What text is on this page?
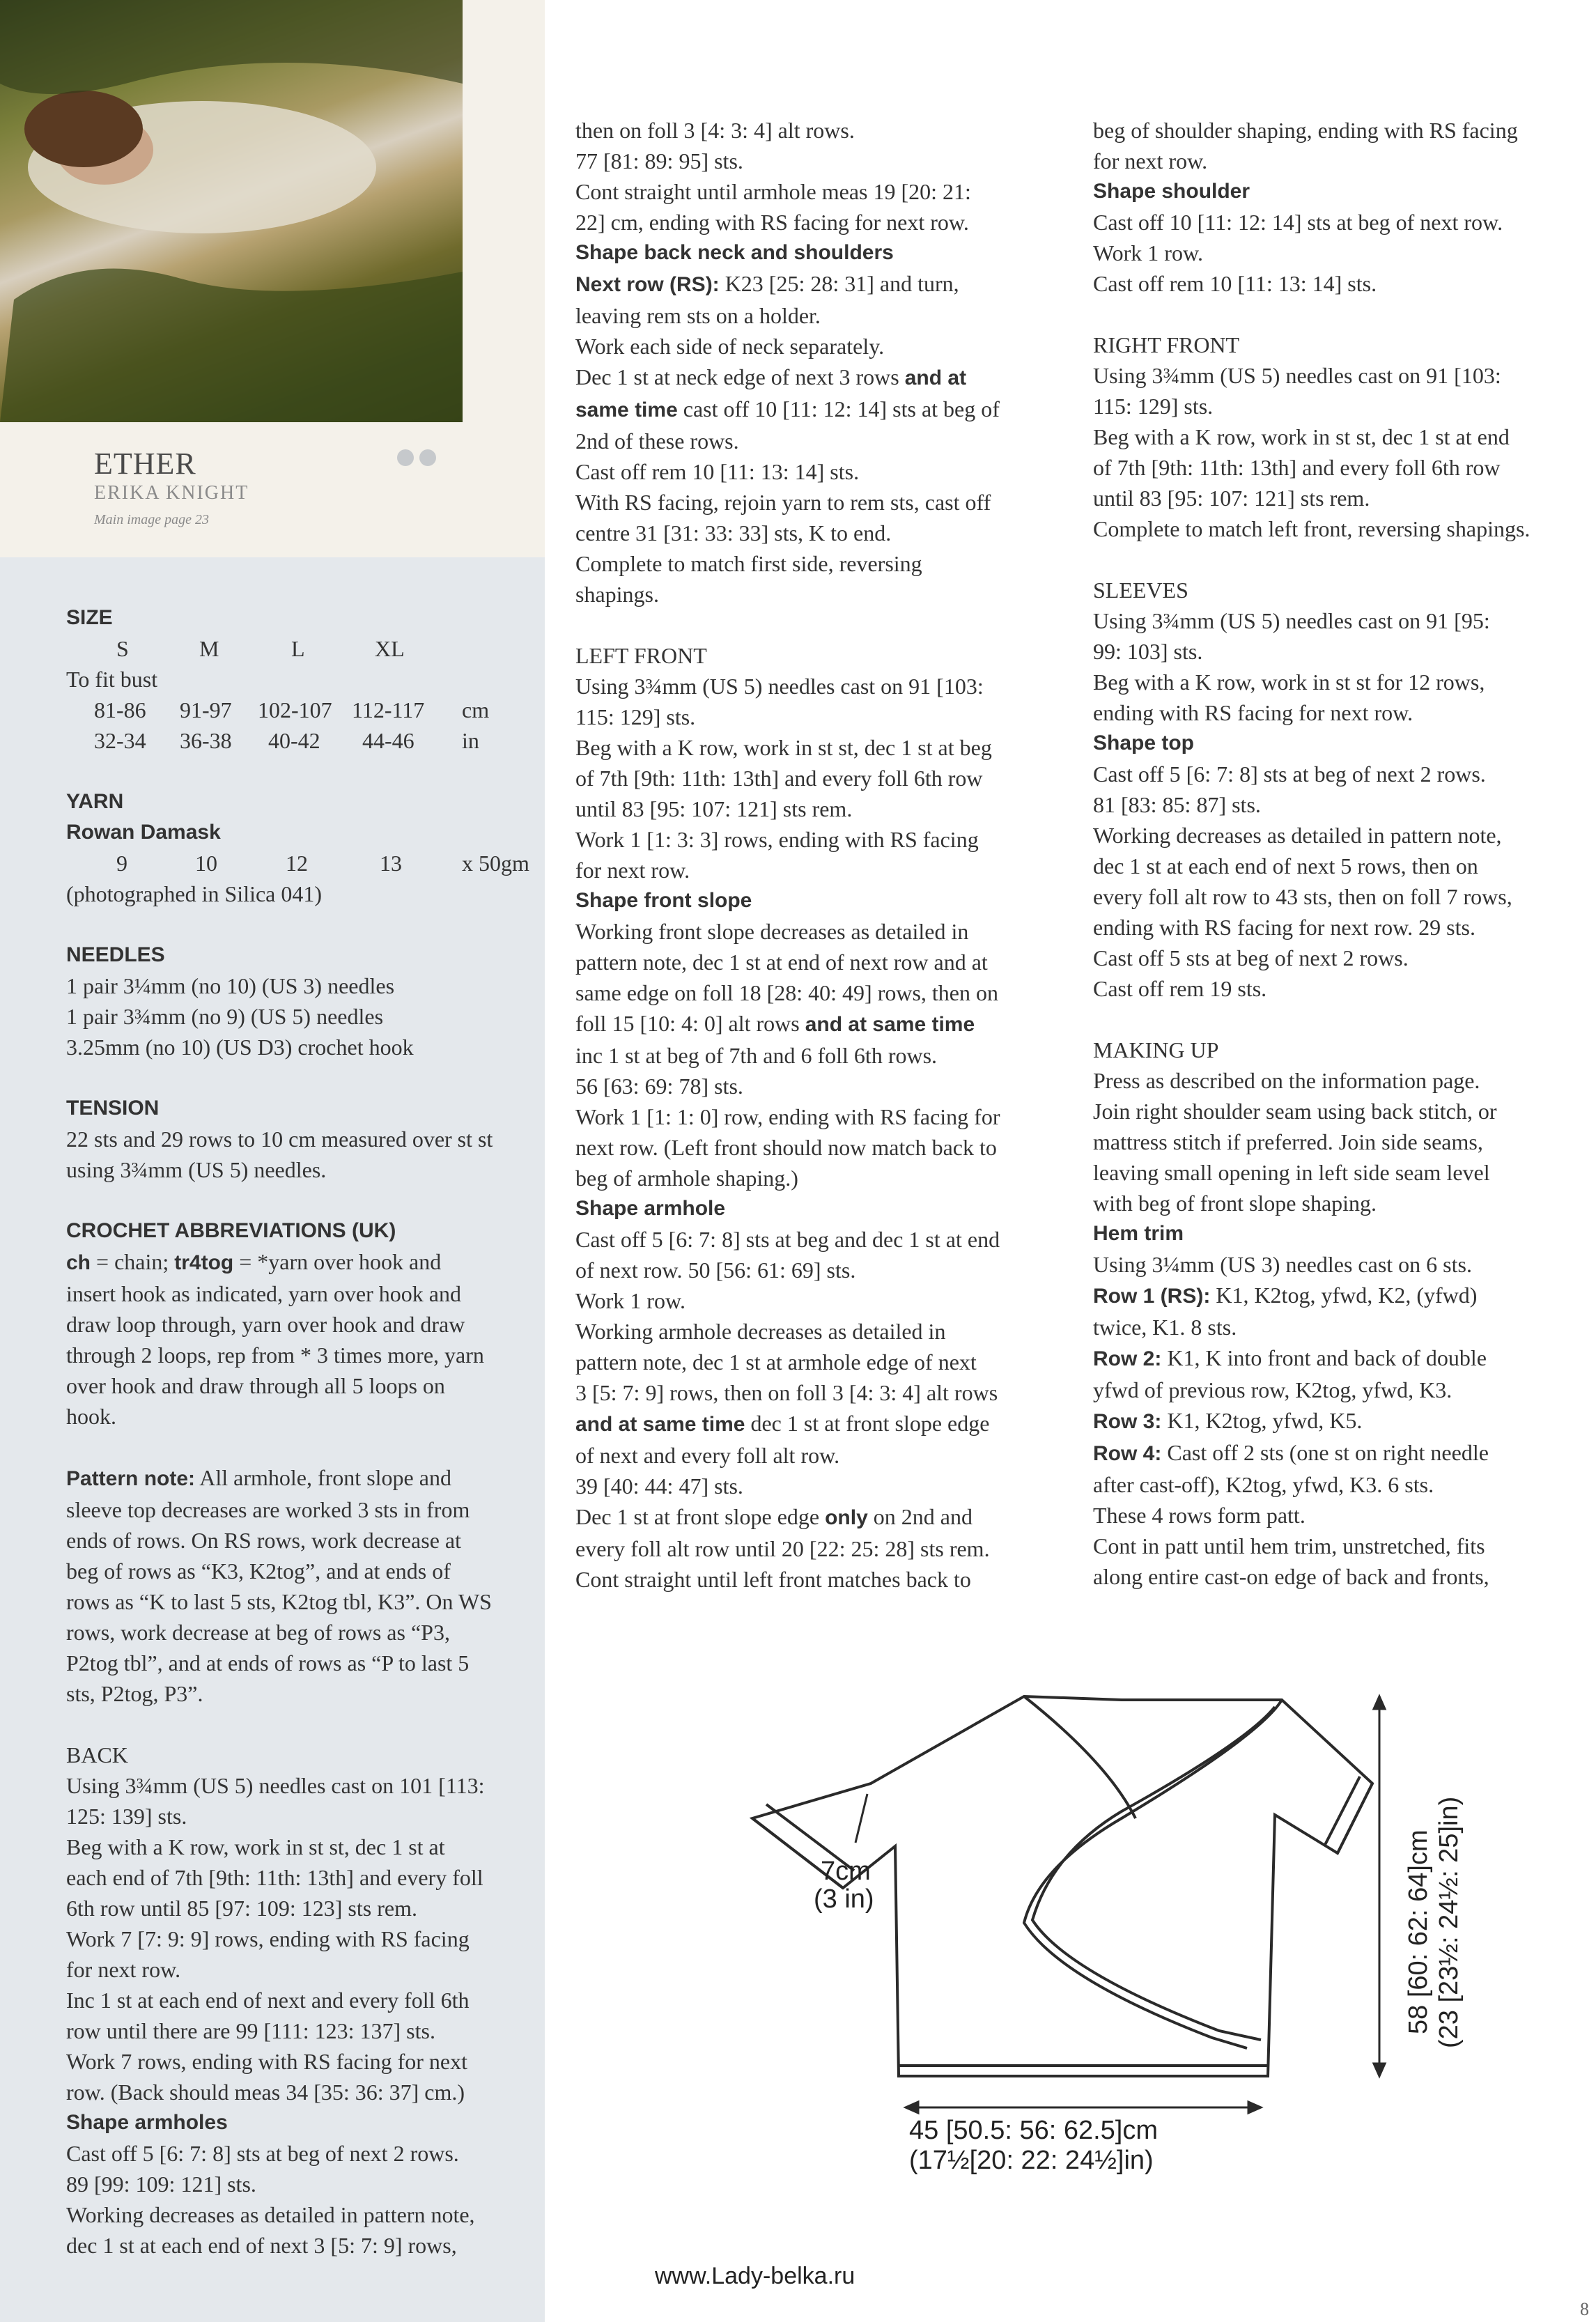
ETHER

ERIKA KNIGHT

Main image page 23

SIZE

S	M	L	XL

To fit bust

81-86 91-97 102-107 112-117 cm
32-34 36-38 40-42 44-46 in

YARN

Rowan Damask

9	10	12	13	x 50gm

(photographed in Silica 041)

NEEDLES

1 pair 3¼mm (no 10) (US 3) needles

1 pair 3¾mm (no 9) (US 5) needles

3.25mm (no 10) (US D3) crochet hook

TENSION

22 sts and 29 rows to 10 cm measured over st st

using 3¾mm (US 5) needles.

CROCHET ABBREVIATIONS (UK)

ch = chain; tr4tog = *yarn over hook and

insert hook as indicated, yarn over hook and

draw loop through, yarn over hook and draw

through 2 loops, rep from * 3 times more, yarn

over hook and draw through all 5 loops on

hook.

Pattern note: All armhole, front slope and

sleeve top decreases are worked 3 sts in from

ends of rows. On RS rows, work decrease at

beg of rows as “K3, K2tog”, and at ends of

rows as “K to last 5 sts, K2tog tbl, K3”. On WS

rows, work decrease at beg of rows as “P3,

P2tog tbl”, and at ends of rows as “P to last 5

sts, P2tog, P3”.

BACK

Using 3¾mm (US 5) needles cast on 101 [113:

125: 139] sts.

Beg with a K row, work in st st, dec 1 st at

each end of 7th [9th: 11th: 13th] and every foll

6th row until 85 [97: 109: 123] sts rem.

Work 7 [7: 9: 9] rows, ending with RS facing

for next row.

Inc 1 st at each end of next and every foll 6th

row until there are 99 [111: 123: 137] sts.

Work 7 rows, ending with RS facing for next

row. (Back should meas 34 [35: 36: 37] cm.)

Shape armholes

Cast off 5 [6: 7: 8] sts at beg of next 2 rows.

89 [99: 109: 121] sts.

Working decreases as detailed in pattern note,

dec 1 st at each end of next 3 [5: 7: 9] rows,

then on foll 3 [4: 3: 4] alt rows.

77 [81: 89: 95] sts.

Cont straight until armhole meas 19 [20: 21:

22] cm, ending with RS facing for next row.

Shape back neck and shoulders

Next row (RS): K23 [25: 28: 31] and turn,

leaving rem sts on a holder.

Work each side of neck separately.

Dec 1 st at neck edge of next 3 rows and at

same time cast off 10 [11: 12: 14] sts at beg of

2nd of these rows.

Cast off rem 10 [11: 13: 14] sts.

With RS facing, rejoin yarn to rem sts, cast off

centre 31 [31: 33: 33] sts, K to end.

Complete to match first side, reversing

shapings.

LEFT FRONT

Using 3¾mm (US 5) needles cast on 91 [103:

115: 129] sts.

Beg with a K row, work in st st, dec 1 st at beg

of 7th [9th: 11th: 13th] and every foll 6th row

until 83 [95: 107: 121] sts rem.

Work 1 [1: 3: 3] rows, ending with RS facing

for next row.

Shape front slope

Working front slope decreases as detailed in

pattern note, dec 1 st at end of next row and at

same edge on foll 18 [28: 40: 49] rows, then on

foll 15 [10: 4: 0] alt rows and at same time

inc 1 st at beg of 7th and 6 foll 6th rows.

56 [63: 69: 78] sts.

Work 1 [1: 1: 0] row, ending with RS facing for

next row. (Left front should now match back to

beg of armhole shaping.)

Shape armhole

Cast off 5 [6: 7: 8] sts at beg and dec 1 st at end

of next row. 50 [56: 61: 69] sts.

Work 1 row.

Working armhole decreases as detailed in

pattern note, dec 1 st at armhole edge of next

3 [5: 7: 9] rows, then on foll 3 [4: 3: 4] alt rows

and at same time dec 1 st at front slope edge

of next and every foll alt row.

39 [40: 44: 47] sts.

Dec 1 st at front slope edge only on 2nd and

every foll alt row until 20 [22: 25: 28] sts rem.

Cont straight until left front matches back to

beg of shoulder shaping, ending with RS facing

for next row.

Shape shoulder

Cast off 10 [11: 12: 14] sts at beg of next row.

Work 1 row.

Cast off rem 10 [11: 13: 14] sts.

RIGHT FRONT

Using 3¾mm (US 5) needles cast on 91 [103:

115: 129] sts.

Beg with a K row, work in st st, dec 1 st at end

of 7th [9th: 11th: 13th] and every foll 6th row

until 83 [95: 107: 121] sts rem.

Complete to match left front, reversing shapings.

SLEEVES

Using 3¾mm (US 5) needles cast on 91 [95:

99: 103] sts.

Beg with a K row, work in st st for 12 rows,

ending with RS facing for next row.

Shape top

Cast off 5 [6: 7: 8] sts at beg of next 2 rows.

81 [83: 85: 87] sts.

Working decreases as detailed in pattern note,

dec 1 st at each end of next 5 rows, then on

every foll alt row to 43 sts, then on foll 7 rows,

ending with RS facing for next row. 29 sts.

Cast off 5 sts at beg of next 2 rows.

Cast off rem 19 sts.

MAKING UP

Press as described on the information page.

Join right shoulder seam using back stitch, or

mattress stitch if preferred. Join side seams,

leaving small opening in left side seam level

with beg of front slope shaping.

Hem trim

Using 3¼mm (US 3) needles cast on 6 sts.

Row 1 (RS): K1, K2tog, yfwd, K2, (yfwd)

twice, K1. 8 sts.

Row 2: K1, K into front and back of double

yfwd of previous row, K2tog, yfwd, K3.

Row 3: K1, K2tog, yfwd, K5.

Row 4: Cast off 2 sts (one st on right needle

after cast-off), K2tog, yfwd, K3. 6 sts.

These 4 rows form patt.

Cont in patt until hem trim, unstretched, fits

along entire cast-on edge of back and fronts,

7cm
(3 in)
45 [50.5: 56: 62.5]cm
(17½[20: 22: 24½]in)
58 [60: 62: 64]cm (23 [23½: 24½: 25]in)

www.Lady-belka.ru

8
